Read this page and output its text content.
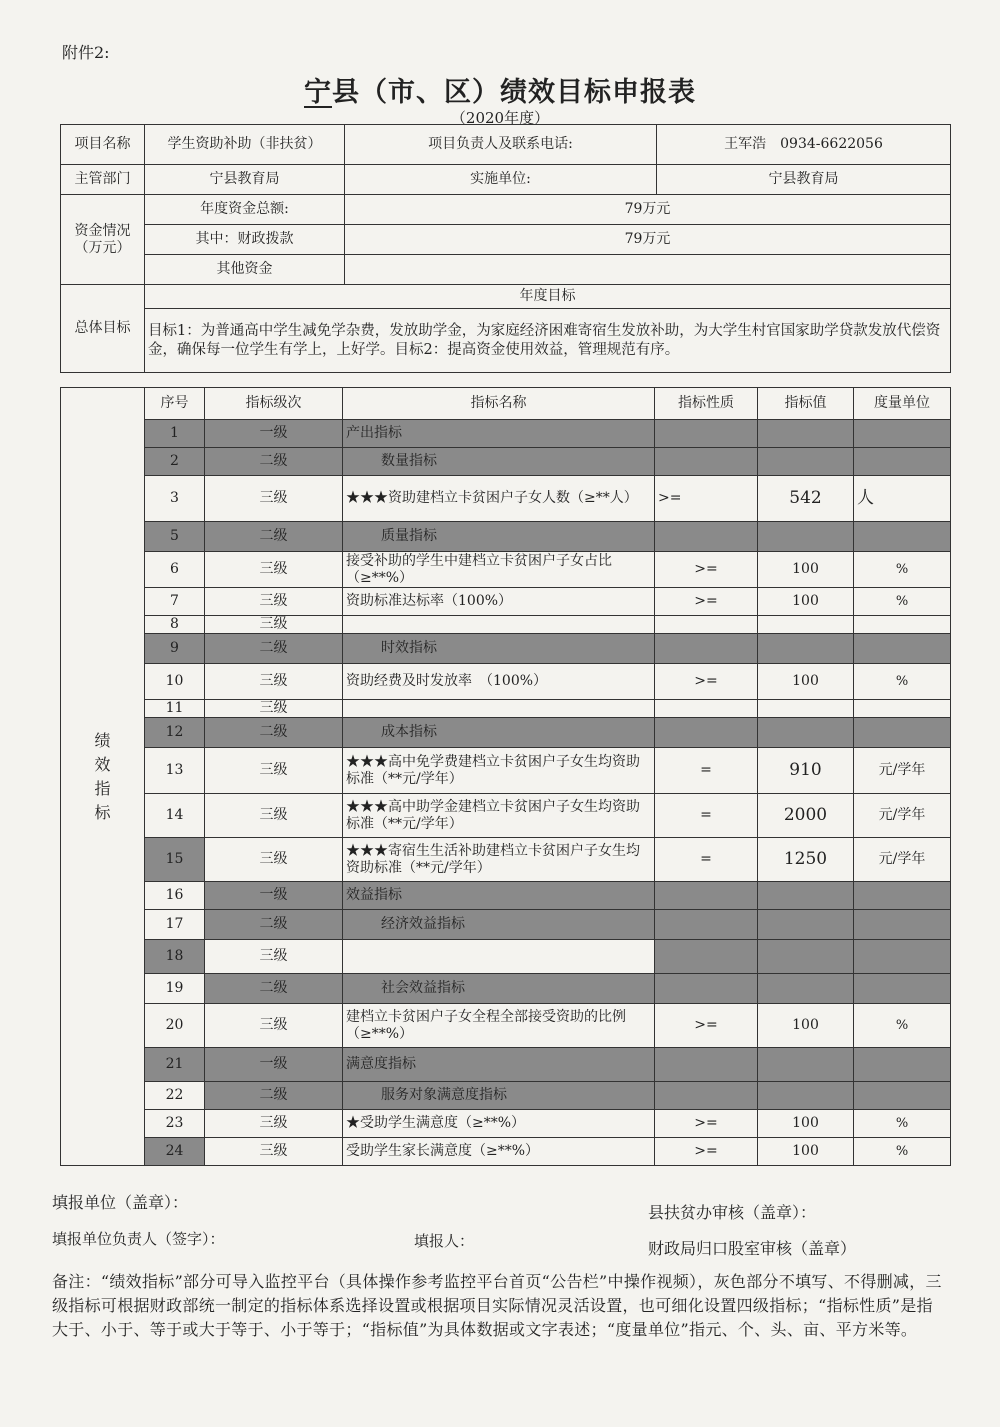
附件2:
宁县（市、区）绩效目标申报表
（2020年度）
项目名称	学生资助补助（非扶贫）	项目负责人及联系电话:	王军浩　0934-6622056
主管部门	宁县教育局	实施单位:	宁县教育局
资金情况（万元）	年度资金总额:	79万元	
	其中：财政拨款	79万元	
	其他资金		
总体目标	年度目标		
	目标1：为普通高中学生减免学杂费，发放助学金，为家庭经济困难寄宿生发放补助，为大学生村官国家助学贷款发放代偿资金，确保每一位学生有学上，上好学。目标2：提高资金使用效益，管理规范有序。		
绩效指标	序号	指标级次	指标名称	指标性质	指标值	度量单位
	1	一级	产出指标			
	2	二级	数量指标			
	3	三级	★★★资助建档立卡贫困户子女人数（≥**人）	>=	542	人
	5	二级	质量指标			
	6	三级	接受补助的学生中建档立卡贫困户子女占比（≥**%）	>=	100	%
	7	三级	资助标准达标率（100%）	>=	100	%
	8	三级				
	9	二级	时效指标			
	10	三级	资助经费及时发放率　（100%）	>=	100	%
	11	三级				
	12	二级	成本指标			
	13	三级	★★★高中免学费建档立卡贫困户子女生均资助标准（**元/学年）	=	910	元/学年
	14	三级	★★★高中助学金建档立卡贫困户子女生均资助标准（**元/学年）	=	2000	元/学年
	15	三级	★★★寄宿生生活补助建档立卡贫困户子女生均资助标准（**元/学年）	=	1250	元/学年
	16	一级	效益指标			
	17	二级	经济效益指标			
	18	三级				
	19	二级	社会效益指标			
	20	三级	建档立卡贫困户子女全程全部接受资助的比例（≥**%）	>=	100	%
	21	一级	满意度指标			
	22	二级	服务对象满意度指标			
	23	三级	★受助学生满意度（≥**%）	>=	100	%
	24	三级	受助学生家长满意度（≥**%）	>=	100	%
填报单位（盖章）：
县扶贫办审核（盖章）：
填报单位负责人（签字）：	填报人：	财政局归口股室审核（盖章）
备注：“绩效指标”部分可导入监控平台（具体操作参考监控平台首页“公告栏”中操作视频），灰色部分不填写、不得删减，三级指标可根据财政部统一制定的指标体系选择设置或根据项目实际情况灵活设置，也可细化设置四级指标；“指标性质”是指大于、小于、等于或大于等于、小于等于；“指标值”为具体数据或文字表述；“度量单位”指元、个、头、亩、平方米等。
